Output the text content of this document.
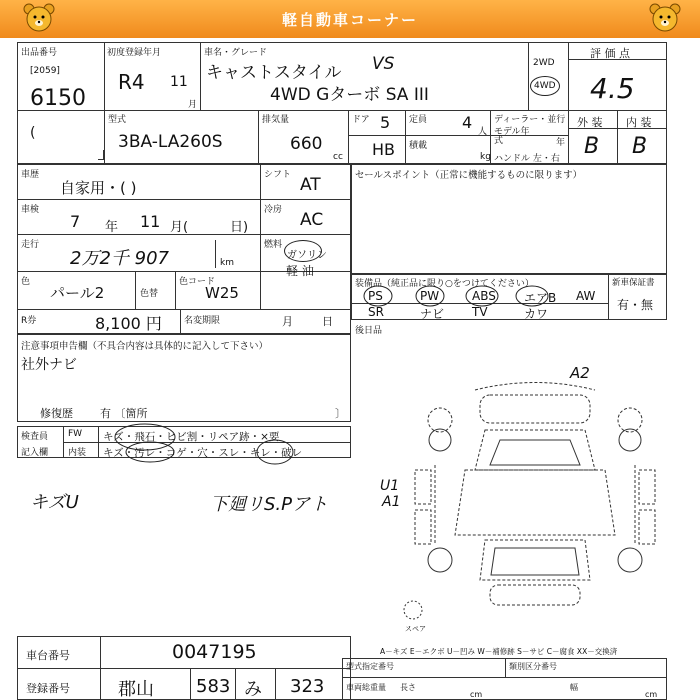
軽自動車コーナー
出品番号
[2059]
6150
初度登録年月
R4 11
月
車名・グレード
キャストスタイル VS
4WD Gターボ SA III
2WD
4WD
評 価 点
4.5
外 装 内 装
B B
(
型式
3BA-LA260S
排気量
660
cc
ドア 5 定員 4 人
HB 積載
kg
ディーラー・並行
モデル年式	年
ハンドル 左・右
車歴
自家用・( )
シフト AT
車検
7 年 11 月(	日)
冷房 AC
走行
2万2千 907	km
燃料
ガソリン
軽 油
色
パール2	色替
色コード
W25
R券	8,100 円 名変期限	月	日
セールスポイント（正常に機能するものに限ります）
装備品（純正品に限り○をつけてください）	新車保証書
有・無
PS	PW	ABS エアB AW
SR	ナビ TV	カワ
後日品
注意事項申告欄（不具合内容は具体的に記入して下さい）
社外ナビ
修復歴 有 〔箇所	〕
検査員
記入欄
FW
内装
キズ・飛石・ヒビ割・リペア跡・×要
キズ・汚レ・コゲ・穴・スレ・キレ・破レ
キズU	下廻リS.Pアト
A2
U1
A1
スペア
車台番号	0047195
登録番号	郡山 583 み 323
A－キズ E－エクボ U－凹み W－補修跡 S－サビ C－腐食 XX－交換済
型式指定番号	類別区分番号
車両総重量 長さ
cm
幅
cm
